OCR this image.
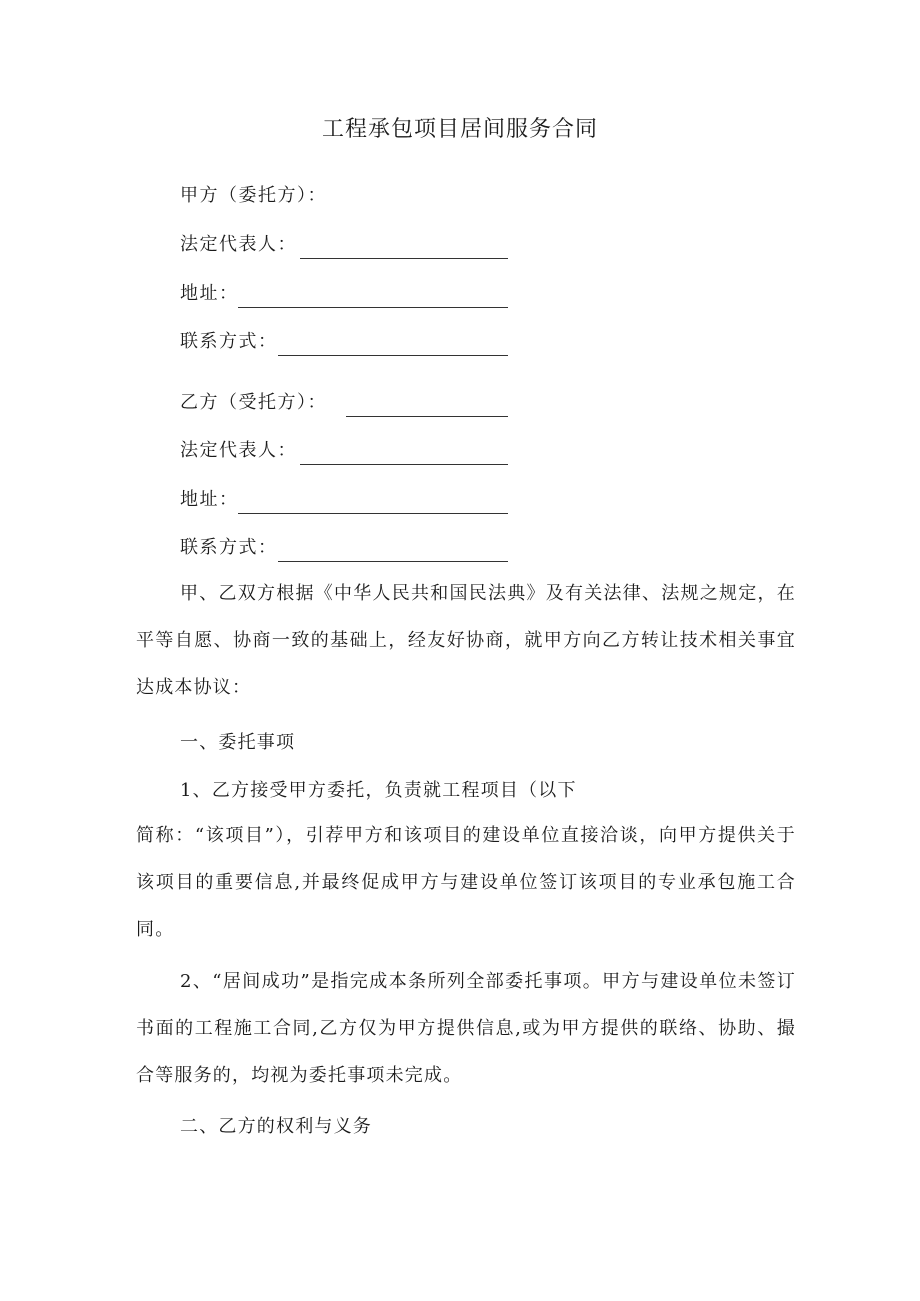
工程承包项目居间服务合同
甲方（委托方）：
法定代表人：
地址：
联系方式：
乙方（受托方）：
法定代表人：
地址：
联系方式：
甲、乙双方根据《中华人民共和国民法典》及有关法律、法规之规定，在平等自愿、协商一致的基础上，经友好协商，就甲方向乙方转让技术相关事宜达成本协议：
一、委托事项
1、乙方接受甲方委托，负责就工程项目（以下
简称：“该项目”），引荐甲方和该项目的建设单位直接洽谈，向甲方提供关于该项目的重要信息,并最终促成甲方与建设单位签订该项目的专业承包施工合同。
2、“居间成功”是指完成本条所列全部委托事项。甲方与建设单位未签订书面的工程施工合同,乙方仅为甲方提供信息,或为甲方提供的联络、协助、撮合等服务的，均视为委托事项未完成。
二、乙方的权利与义务
